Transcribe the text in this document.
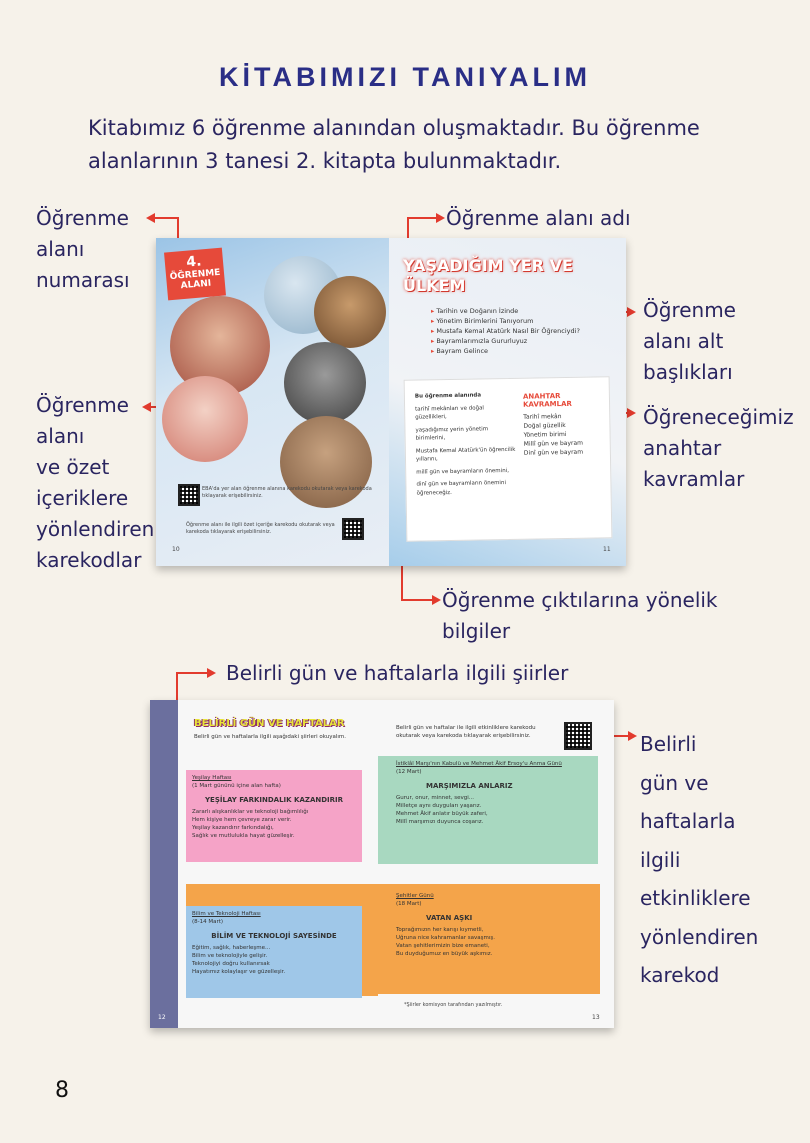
KİTABIMIZI TANIYALIM
Kitabımız 6 öğrenme alanından oluşmaktadır. Bu öğrenme
alanlarının 3 tanesi 2. kitapta bulunmaktadır.
Öğrenme
alanı
numarası
Öğrenme alanı adı
Öğrenme
alanı alt
başlıkları
Öğrenme
alanı
ve özet
içeriklere
yönlendiren
karekodlar
Öğreneceğimiz
anahtar
kavramlar
Öğrenme çıktılarına yönelik
bilgiler
4.
ÖĞRENME ALANI
EBA'da yer alan öğrenme alanına karekodu okutarak veya karekoda tıklayarak erişebilirsiniz.
Öğrenme alanı ile ilgili özet içeriğe karekodu okutarak veya karekoda tıklayarak erişebilirsiniz.
10
YAŞADIĞIM YER VE ÜLKEM
▸ Tarihin ve Doğanın İzinde
▸ Yönetim Birimlerini Tanıyorum
▸ Mustafa Kemal Atatürk Nasıl Bir Öğrenciydi?
▸ Bayramlarımızla Gururluyuz
▸ Bayram Gelince
Bu öğrenme alanında
tarihî mekânları ve doğal güzellikleri,
yaşadığımız yerin yönetim birimlerini,
Mustafa Kemal Atatürk'ün öğrencilik yıllarını,
millî gün ve bayramların önemini,
dinî gün ve bayramların önemini öğreneceğiz.
ANAHTAR KAVRAMLAR
Tarihî mekân
Doğal güzellik
Yönetim birimi
Millî gün ve bayram
Dinî gün ve bayram
11
Belirli gün ve haftalarla ilgili şiirler
Belirli
gün ve
haftalarla
ilgili
etkinliklere
yönlendiren
karekod
BELİRLİ GÜN VE HAFTALAR
Belirli gün ve haftalarla ilgili aşağıdaki şiirleri okuyalım.
Yeşilay Haftası
(1 Mart gününü içine alan hafta)
YEŞİLAY FARKINDALIK KAZANDIRIR
Zararlı alışkanlıklar ve teknoloji bağımlılığı
Hem kişiye hem çevreye zarar verir.
Yeşilay kazandırır farkındalığı,
Sağlık ve mutlulukla hayat güzelleşir.
Bilim ve Teknoloji Haftası
(8-14 Mart)
BİLİM VE TEKNOLOJİ SAYESİNDE
Eğitim, sağlık, haberleşme...
Bilim ve teknolojiyle gelişir.
Teknolojiyi doğru kullanırsak
Hayatımız kolaylaşır ve güzelleşir.
12
Belirli gün ve haftalar ile ilgili etkinliklere karekodu okutarak veya karekoda tıklayarak erişebilirsiniz.
İstiklâl Marşı'nın Kabulü ve Mehmet Âkif Ersoy'u Anma Günü
(12 Mart)
MARŞIMIZLA ANLARIZ
Gurur, onur, minnet, sevgi...
Milletçe aynı duyguları yaşarız.
Mehmet Âkif anlatır büyük zaferi,
Millî marşımızı duyunca coşarız.
Şehitler Günü
(18 Mart)
VATAN AŞKI
Toprağımızın her karışı kıymetli,
Uğruna nice kahramanlar savaşmış.
Vatan şehitlerimizin bize emaneti,
Bu duyduğumuz en büyük aşkımız.
*Şiirler komisyon tarafından yazılmıştır.
13
8
